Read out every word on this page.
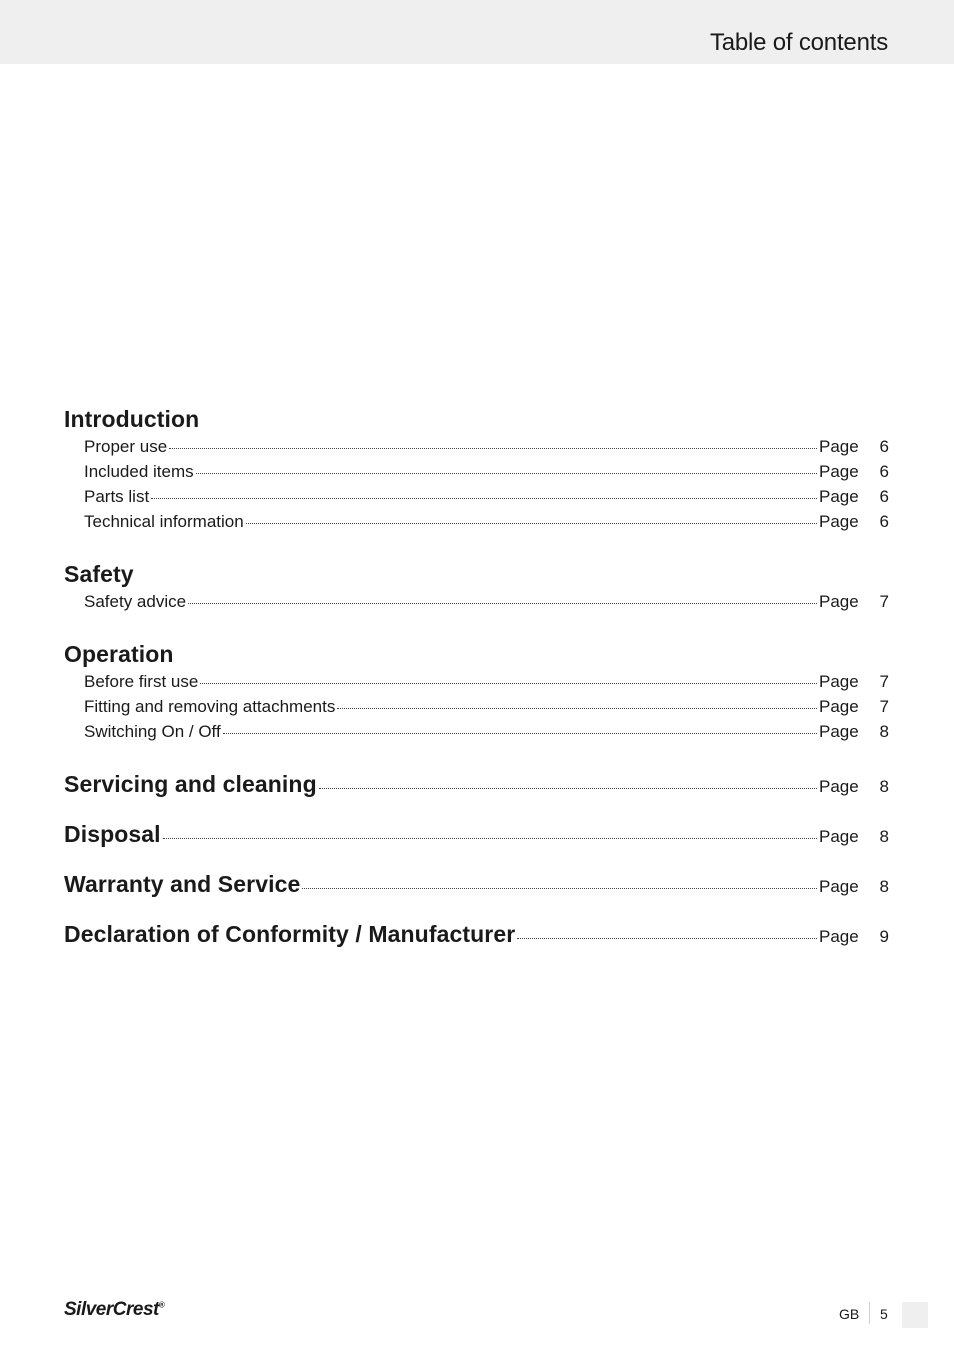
Table of contents
Introduction
Proper use	Page	6
Included items	Page	6
Parts list	Page	6
Technical information	Page	6
Safety
Safety advice	Page	7
Operation
Before first use	Page	7
Fitting and removing attachments	Page	7
Switching On / Off	Page	8
Servicing and cleaning	Page	8
Disposal	Page	8
Warranty and Service	Page	8
Declaration of Conformity / Manufacturer	Page	9
SilverCrest®
GB 5
